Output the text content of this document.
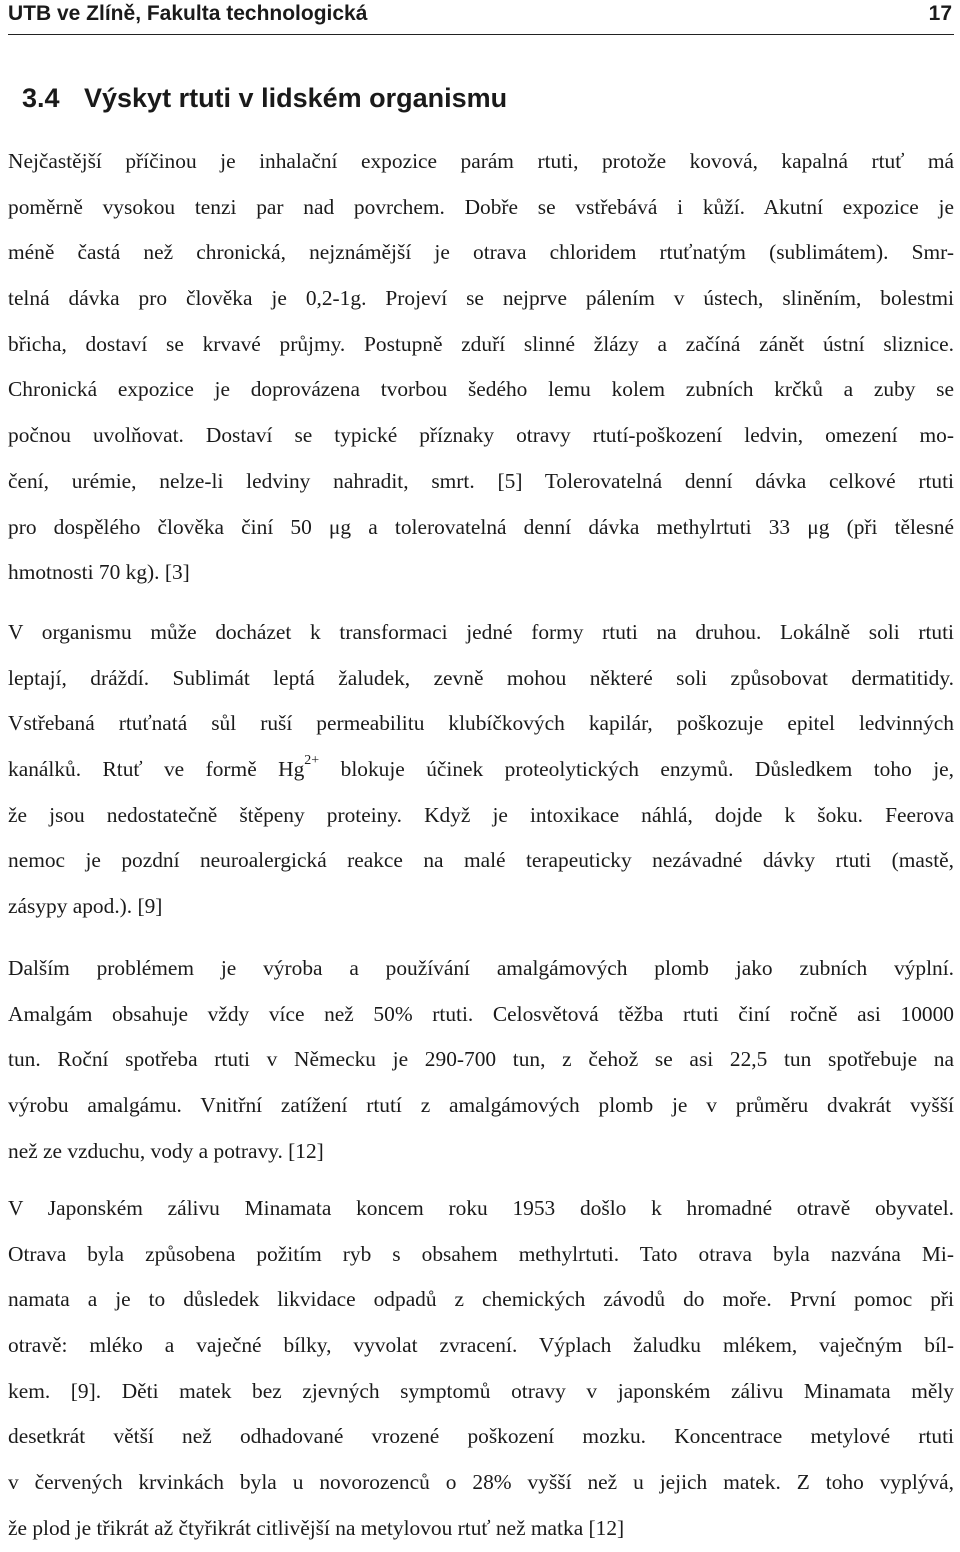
UTB ve Zlíně, Fakulta technologická	17
3.4 Výskyt rtuti v lidském organismu
Nejčastější příčinou je inhalační expozice parám rtuti, protože kovová, kapalná rtuť má
poměrně vysokou tenzi par nad povrchem. Dobře se vstřebává i kůží. Akutní expozice je
méně častá než chronická, nejznámější je otrava chloridem rtuťnatým (sublimátem). Smr-
telná dávka pro člověka je 0,2-1g. Projeví se nejprve pálením v ústech, sliněním, bolestmi
břicha, dostaví se krvavé průjmy. Postupně zduří slinné žlázy a začíná zánět ústní sliznice.
Chronická expozice je doprovázena tvorbou šedého lemu kolem zubních krčků a zuby se
počnou uvolňovat. Dostaví se typické příznaky otravy rtutí-poškození ledvin, omezení mo-
čení, urémie, nelze-li ledviny nahradit, smrt. [5] Tolerovatelná denní dávka celkové rtuti
pro dospělého člověka činí 50 μg a tolerovatelná denní dávka methylrtuti 33 μg (při tělesné
hmotnosti 70 kg). [3]
V organismu může docházet k transformaci jedné formy rtuti na druhou. Lokálně soli rtuti
leptají, dráždí. Sublimát leptá žaludek, zevně mohou některé soli způsobovat dermatitidy.
Vstřebaná rtuťnatá sůl ruší permeabilitu klubíčkových kapilár, poškozuje epitel ledvinných
kanálků. Rtuť ve formě $Hg^{2+}$ blokuje účinek proteolytických enzymů. Důsledkem toho je,
že jsou nedostatečně štěpeny proteiny. Když je intoxikace náhlá, dojde k šoku. Feerova
nemoc je pozdní neuroalergická reakce na malé terapeuticky nezávadné dávky rtuti (mastě,
zásypy apod.). [9]
Dalším problémem je výroba a používání amalgámových plomb jako zubních výplní.
Amalgám obsahuje vždy více než 50% rtuti. Celosvětová těžba rtuti činí ročně asi 10000
tun. Roční spotřeba rtuti v Německu je 290-700 tun, z čehož se asi 22,5 tun spotřebuje na
výrobu amalgámu. Vnitřní zatížení rtutí z amalgámových plomb je v průměru dvakrát vyšší
než ze vzduchu, vody a potravy. [12]
V Japonském zálivu Minamata koncem roku 1953 došlo k hromadné otravě obyvatel.
Otrava byla způsobena požitím ryb s obsahem methylrtuti. Tato otrava byla nazvána Mi-
namata a je to důsledek likvidace odpadů z chemických závodů do moře. První pomoc při
otravě: mléko a vaječné bílky, vyvolat zvracení. Výplach žaludku mlékem, vaječným bíl-
kem. [9]. Děti matek bez zjevných symptomů otravy v japonském zálivu Minamata měly
desetkrát větší než odhadované vrozené poškození mozku. Koncentrace metylové rtuti
v červených krvinkách byla u novorozenců o 28% vyšší než u jejich matek. Z toho vyplývá,
že plod je třikrát až čtyřikrát citlivější na metylovou rtuť než matka [12]
